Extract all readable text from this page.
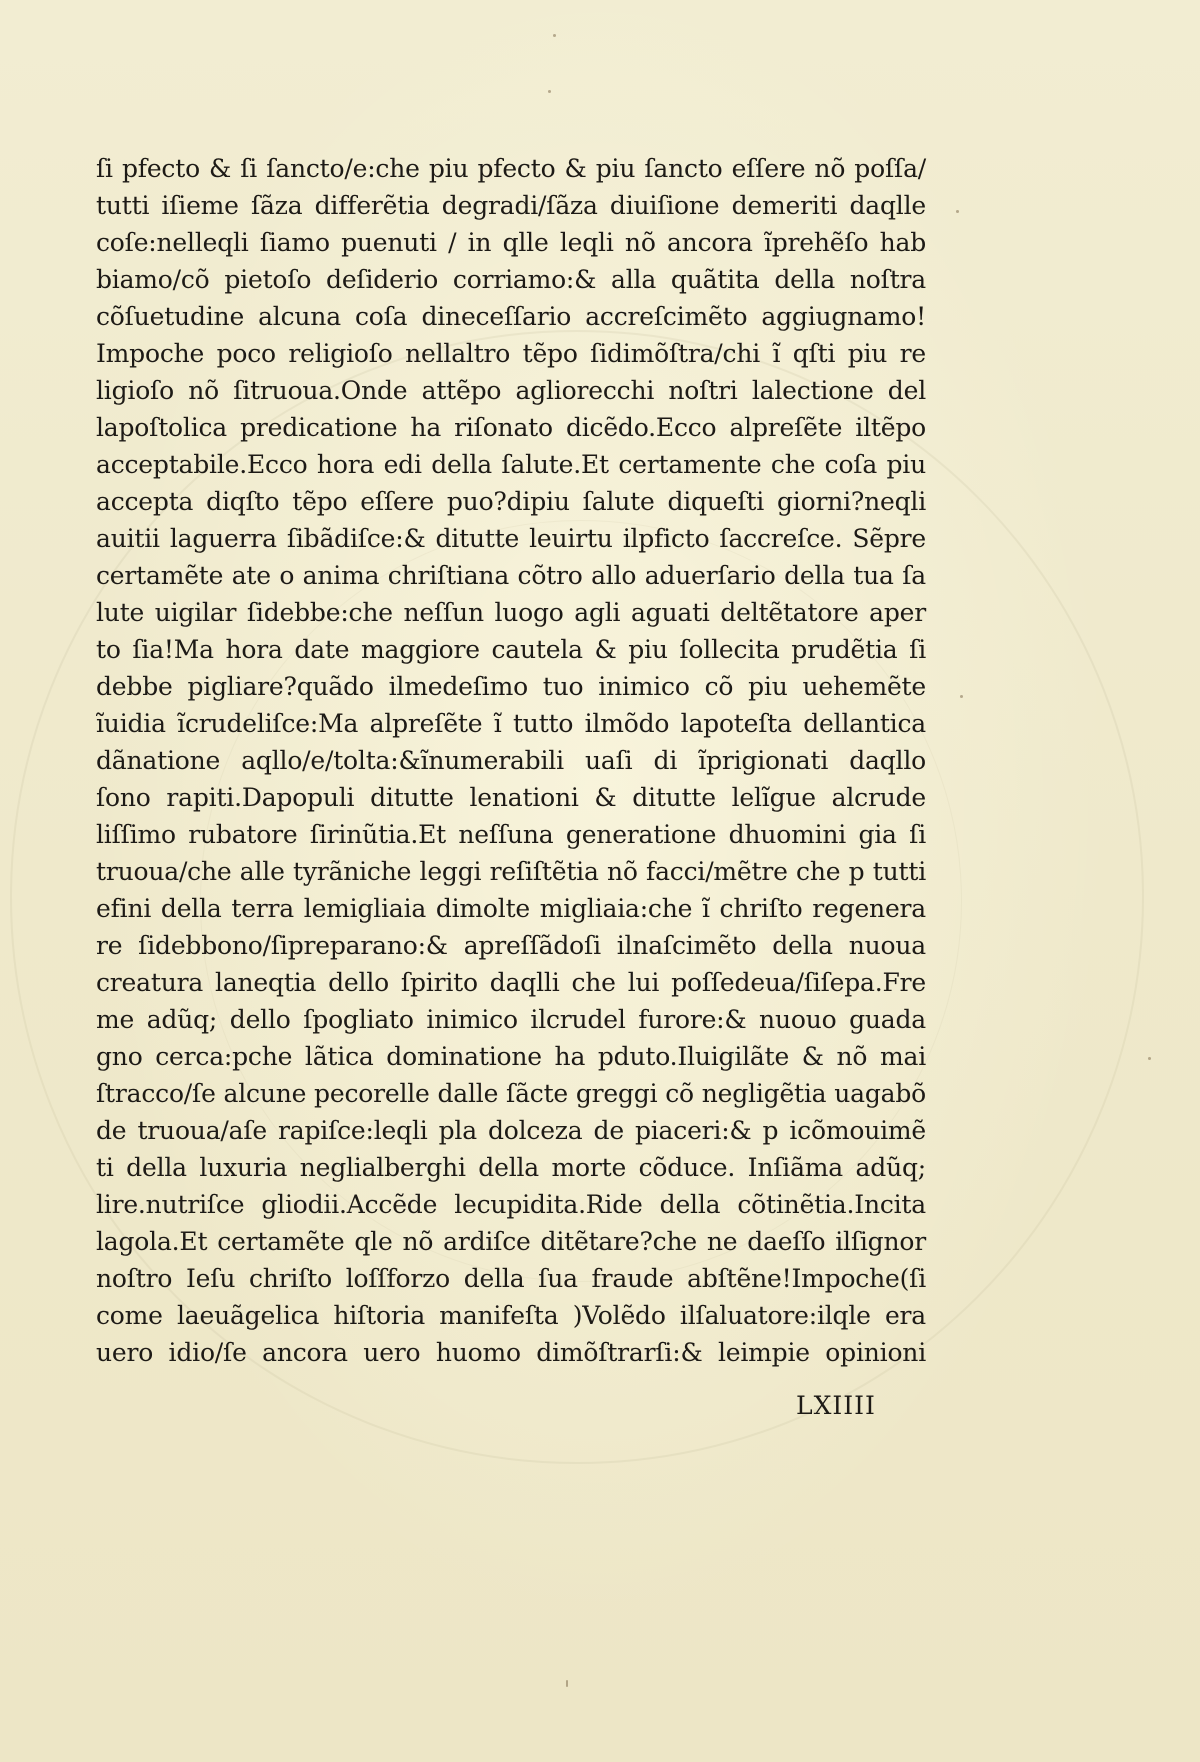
ſi pfecto & ſi ſancto/e:che piu pfecto & piu ſancto eſſere nõ poſſa/
tutti iſieme ſãza differẽtia degradi/ſãza diuiſione demeriti daqlle
coſe:nelleqli ſiamo puenuti / in qlle leqli nõ ancora ĩprehẽſo hab
biamo/cõ pietoſo deſiderio corriamo:& alla quãtita della noſtra
cõſuetudine alcuna coſa dineceſſario accreſcimẽto aggiugnamo!
Impoche poco religioſo nellaltro tẽpo ſidimõſtra/chi ĩ qſti piu re
ligioſo nõ ſitruoua.Onde attẽpo agliorecchi noſtri lalectione del
lapoſtolica predicatione ha riſonato dicẽdo.Ecco alpreſẽte iltẽpo
acceptabile.Ecco hora edi della ſalute.Et certamente che coſa piu
accepta diqſto tẽpo eſſere puo?dipiu ſalute diqueſti giorni?neqli
auitii laguerra ſibãdiſce:& ditutte leuirtu ilpficto ſaccreſce. Sẽpre
certamẽte ate o anima chriſtiana cõtro allo aduerſario della tua ſa
lute uigilar ſidebbe:che neſſun luogo agli aguati deltẽtatore aper
to ſia!Ma hora date maggiore cautela & piu ſollecita prudẽtia ſi
debbe pigliare?quãdo ilmedeſimo tuo inimico cõ piu uehemẽte
ĩuidia ĩcrudeliſce:Ma alpreſẽte ĩ tutto ilmõdo lapoteſta dellantica
dãnatione aqllo/e/tolta:&ĩnumerabili uaſi di ĩprigionati daqllo
ſono rapiti.Dapopuli ditutte lenationi & ditutte lelĩgue alcrude
liſſimo rubatore ſirinũtia.Et neſſuna generatione dhuomini gia ſi
truoua/che alle tyrãniche leggi reſiſtẽtia nõ facci/mẽtre che p tutti
efini della terra lemigliaia dimolte migliaia:che ĩ chriſto regenera
re ſidebbono/ſipreparano:& apreſſãdoſi ilnaſcimẽto della nuoua
creatura laneqtia dello ſpirito daqlli che lui poſſedeua/ſiſepa.Fre
me adũq; dello ſpogliato inimico ilcrudel furore:& nuouo guada
gno cerca:pche lãtica dominatione ha pduto.Iluigilãte & nõ mai
ſtracco/ſe alcune pecorelle dalle ſãcte greggi cõ negligẽtia uagabõ
de truoua/aſe rapiſce:leqli pla dolceza de piaceri:& p icõmouimẽ
ti della luxuria neglialberghi della morte cõduce. Inſiãma adũq;
lire.nutriſce gliodii.Accẽde lecupidita.Ride della cõtinẽtia.Incita
lagola.Et certamẽte qle nõ ardiſce ditẽtare?che ne daeſſo ilſignor
noſtro Ieſu chriſto loſſforzo della ſua fraude abſtẽne!Impoche(ſi
come laeuãgelica hiſtoria manifeſta )Volẽdo ilſaluatore:ilqle era
uero idio/ſe ancora uero huomo dimõſtrarſi:& leimpie opinioni
LXIIII
